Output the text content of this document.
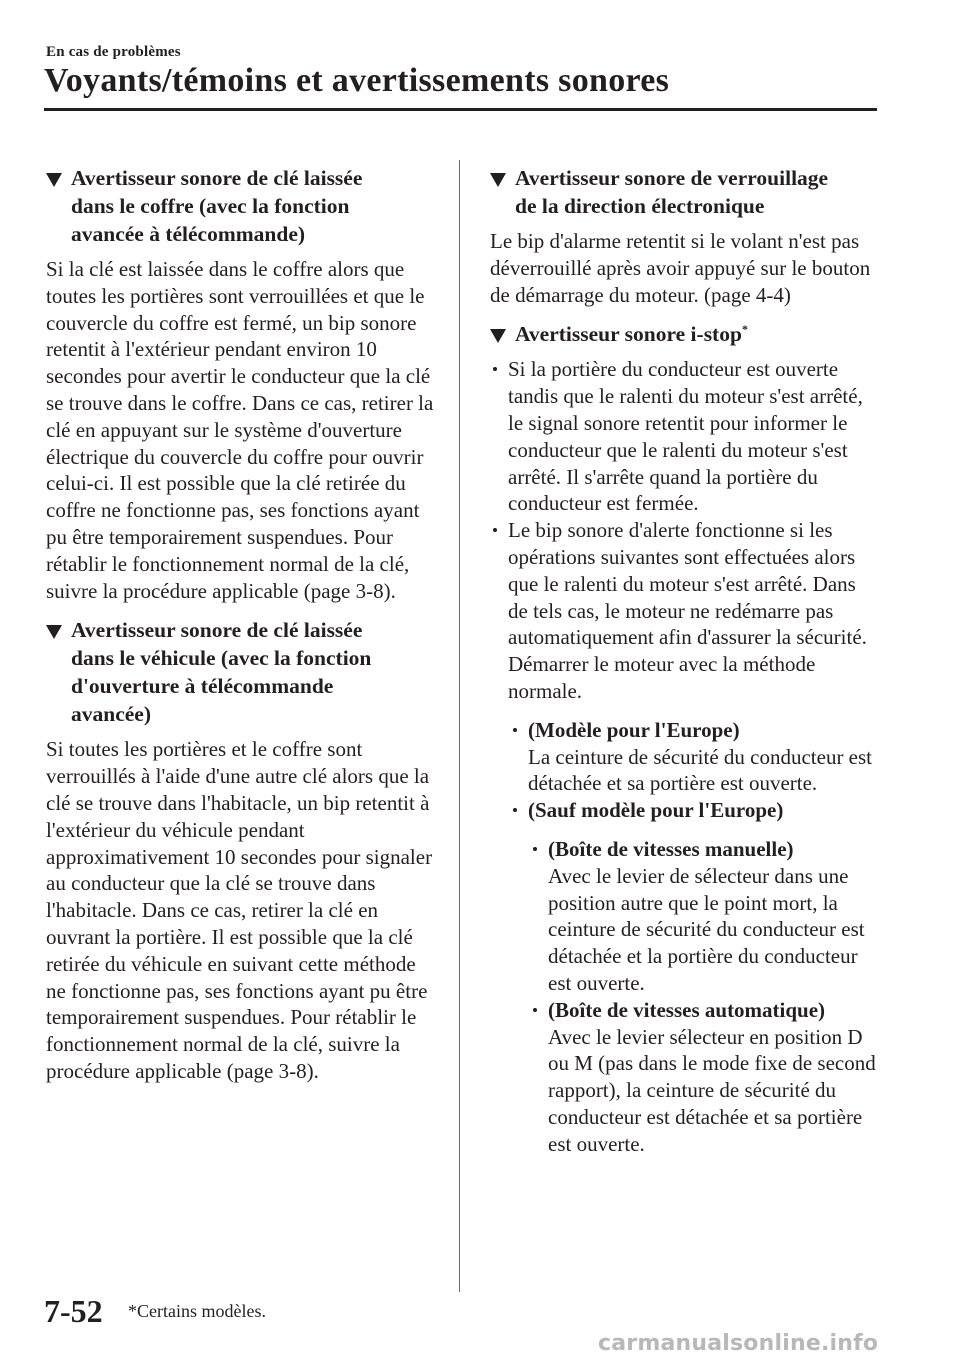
En cas de problèmes
Voyants/témoins et avertissements sonores
Avertisseur sonore de clé laissée
dans le coffre (avec la fonction
avancée à télécommande)

Si la clé est laissée dans le coffre alors que toutes les portières sont verrouillées et que le couvercle du coffre est fermé, un bip sonore retentit à l'extérieur pendant environ 10 secondes pour avertir le conducteur que la clé se trouve dans le coffre. Dans ce cas, retirer la clé en appuyant sur le système d'ouverture électrique du couvercle du coffre pour ouvrir celui-ci. Il est possible que la clé retirée du coffre ne fonctionne pas, ses fonctions ayant pu être temporairement suspendues. Pour rétablir le fonctionnement normal de la clé, suivre la procédure applicable (page 3-8).

Avertisseur sonore de clé laissée
dans le véhicule (avec la fonction
d'ouverture à télécommande
avancée)

Si toutes les portières et le coffre sont verrouillés à l'aide d'une autre clé alors que la clé se trouve dans l'habitacle, un bip retentit à l'extérieur du véhicule pendant approximativement 10 secondes pour signaler au conducteur que la clé se trouve dans l'habitacle. Dans ce cas, retirer la clé en ouvrant la portière. Il est possible que la clé retirée du véhicule en suivant cette méthode ne fonctionne pas, ses fonctions ayant pu être temporairement suspendues. Pour rétablir le fonctionnement normal de la clé, suivre la procédure applicable (page 3-8).

Avertisseur sonore de verrouillage
de la direction électronique

Le bip d'alarme retentit si le volant n'est pas déverrouillé après avoir appuyé sur le bouton de démarrage du moteur. (page 4-4)

Avertisseur sonore i-stop*
Si la portière du conducteur est ouverte tandis que le ralenti du moteur s'est arrêté, le signal sonore retentit pour informer le conducteur que le ralenti du moteur s'est arrêté. Il s'arrête quand la portière du conducteur est fermée.
Le bip sonore d'alerte fonctionne si les opérations suivantes sont effectuées alors que le ralenti du moteur s'est arrêté. Dans de tels cas, le moteur ne redémarre pas automatiquement afin d'assurer la sécurité. Démarrer le moteur avec la méthode normale.
(Modèle pour l'Europe)
La ceinture de sécurité du conducteur est détachée et sa portière est ouverte.
(Sauf modèle pour l'Europe)
(Boîte de vitesses manuelle)
Avec le levier de sélecteur dans une position autre que le point mort, la ceinture de sécurité du conducteur est détachée et la portière du conducteur est ouverte.
(Boîte de vitesses automatique)
Avec le levier sélecteur en position D ou M (pas dans le mode fixe de second rapport), la ceinture de sécurité du conducteur est détachée et sa portière est ouverte.
7-52 *Certains modèles.
carmanualsonline.info
